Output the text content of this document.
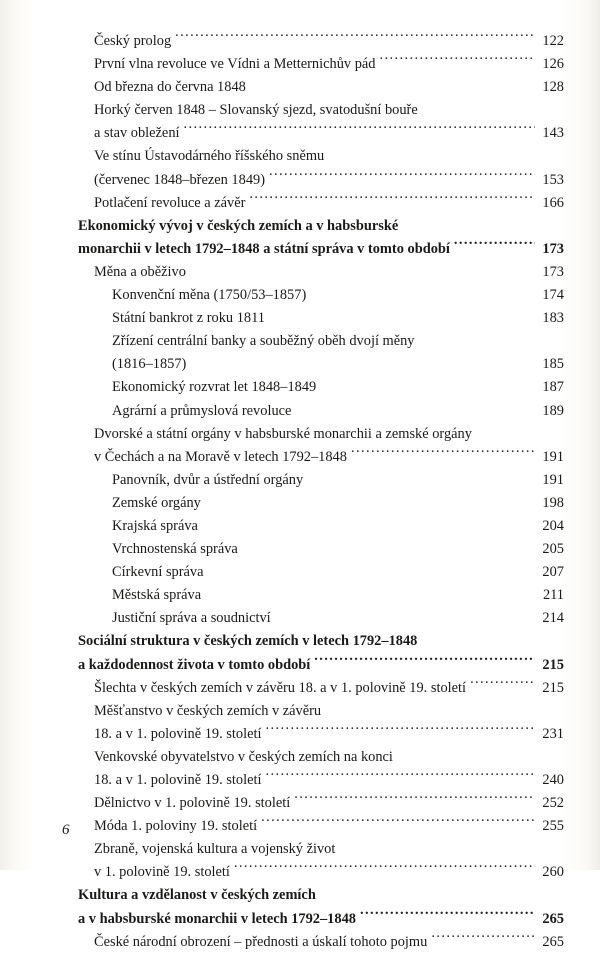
Český prolog .....	122
První vlna revoluce ve Vídni a Metternichův pád .....	126
Od března do června 1848	128
Horký červen 1848 – Slovanský sjezd, svatodušní bouře
a stav obležení .....	143
Ve stínu Ústavodárného říšského sněmu
(červenec 1848–březen 1849) .....	153
Potlačení revoluce a závěr .....	166
Ekonomický vývoj v českých zemích a v habsburské
monarchii v letech 1792–1848 a státní správa v tomto období .....	173
Měna a oběživo	173
Konvenční měna (1750/53–1857)	174
Státní bankrot z roku 1811	183
Zřízení centrální banky a souběžný oběh dvojí měny
(1816–1857)	185
Ekonomický rozvrat let 1848–1849	187
Agrární a průmyslová revoluce	189
Dvorské a státní orgány v habsburské monarchii a zemské orgány
v Čechách a na Moravě v letech 1792–1848 .....	191
Panovník, dvůr a ústřední orgány	191
Zemské orgány	198
Krajská správa	204
Vrchnostenská správa	205
Církevní správa	207
Městská správa	211
Justiční správa a soudnictví	214
Sociální struktura v českých zemích v letech 1792–1848
a každodennost života v tomto období .....	215
Šlechta v českých zemích v závěru 18. a v 1. polovině 19. století .....	215
Měšťanstvo v českých zemích v závěru
18. a v 1. polovině 19. století .....	231
Venkovské obyvatelstvo v českých zemích na konci
18. a v 1. polovině 19. století .....	240
Dělnictvo v 1. polovině 19. století .....	252
Móda 1. poloviny 19. století .....	255
Zbraně, vojenská kultura a vojenský život
v 1. polovině 19. století .....	260
Kultura a vzdělanost v českých zemích
a v habsburské monarchii v letech 1792–1848 .....	265
České národní obrození – přednosti a úskalí tohoto pojmu .....	265
6
